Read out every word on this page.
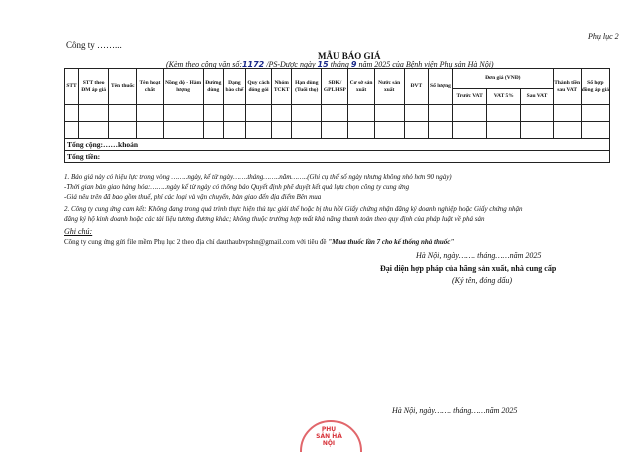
Phụ lục 2
Công ty ……...
MẪU BÁO GIÁ
(Kèm theo công văn số:1172 /PS-Dược ngày 15 tháng 9 năm 2025 của Bệnh viện Phụ sản Hà Nội)
STT	STT theo ĐM áp giá	Tên thuốc	Tên hoạt chất	Nồng độ - Hàm lượng	Đường dùng	Dạng bào chế	Quy cách đóng gói	Nhóm TCKT	Hạn dùng (Tuổi thọ)	SĐK/ GPLHSP	Cơ sở sản xuất	Nước sản xuất	ĐVT	Số lượng	Đơn giá (VNĐ)			Thành tiền sau VAT	Số hợp đồng áp giá
															Trước VAT	VAT 5%	Sau VAT		

Tổng cộng:……khoản																			
Tổng tiền:																			
1. Báo giá này có hiệu lực trong vòng ……..ngày, kể từ ngày…….tháng……..năm……..(Ghi cụ thể số ngày nhưng không nhỏ hơn 90 ngày)
-Thời gian bàn giao hàng hóa:……..ngày kể từ ngày có thông báo Quyết định phê duyệt kết quả lựa chọn công ty cung ứng
-Giá nêu trên đã bao gồm thuế, phí các loại và vận chuyển, bàn giao đến địa điểm Bên mua
2. Công ty cung ứng cam kết: Không đang trong quá trình thực hiện thủ tục giải thể hoặc bị thu hồi Giấy chứng nhận đăng ký doanh nghiệp hoặc Giấy chứng nhận
đăng ký hộ kinh doanh hoặc các tài liệu tương đương khác; không thuộc trường hợp mất khả năng thanh toán theo quy định của pháp luật về phá sản
Ghi chú:
Công ty cung ứng gửi file mềm Phụ lục 2 theo địa chỉ dauthaubvpshn@gmail.com với tiêu đề "Mua thuốc lần 7 cho kế thống nhà thuốc"
Hà Nội, ngày……. tháng……năm 2025
Đại diện hợp pháp của hãng sản xuất, nhà cung cấp
(Ký tên, đóng dấu)
Hà Nội, ngày……. tháng……năm 2025
PHỤ SẢN HÀ NỘI
